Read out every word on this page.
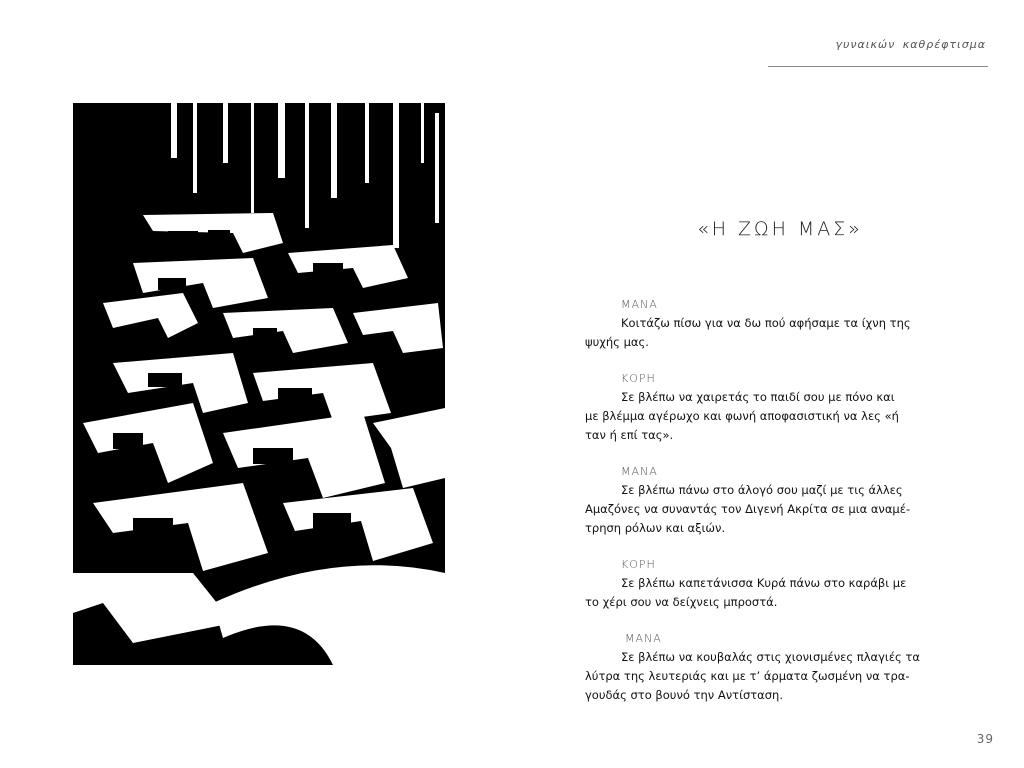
γυναικών καθρέφτισμα
«Η ΖΩΗ ΜΑΣ»
ΜΑΝΑ
Κοιτάζω πίσω για να δω πού αφήσαμε τα ίχνη της
ψυχής μας.
ΚΟΡΗ
Σε βλέπω να χαιρετάς το παιδί σου με πόνο και
με βλέμμα αγέρωχο και φωνή αποφασιστική να λες «ή
ταν ή επί τας».
ΜΑΝΑ
Σε βλέπω πάνω στο άλογό σου μαζί με τις άλλες
Αμαζόνες να συναντάς τον Διγενή Ακρίτα σε μια αναμέ-
τρηση ρόλων και αξιών.
ΚΟΡΗ
Σε βλέπω καπετάνισσα Κυρά πάνω στο καράβι με
το χέρι σου να δείχνεις μπροστά.
ΜΑΝΑ
Σε βλέπω να κουβαλάς στις χιονισμένες πλαγιές τα
λύτρα της λευτεριάς και με τ’ άρματα ζωσμένη να τρα-
γουδάς στο βουνό την Αντίσταση.
39
